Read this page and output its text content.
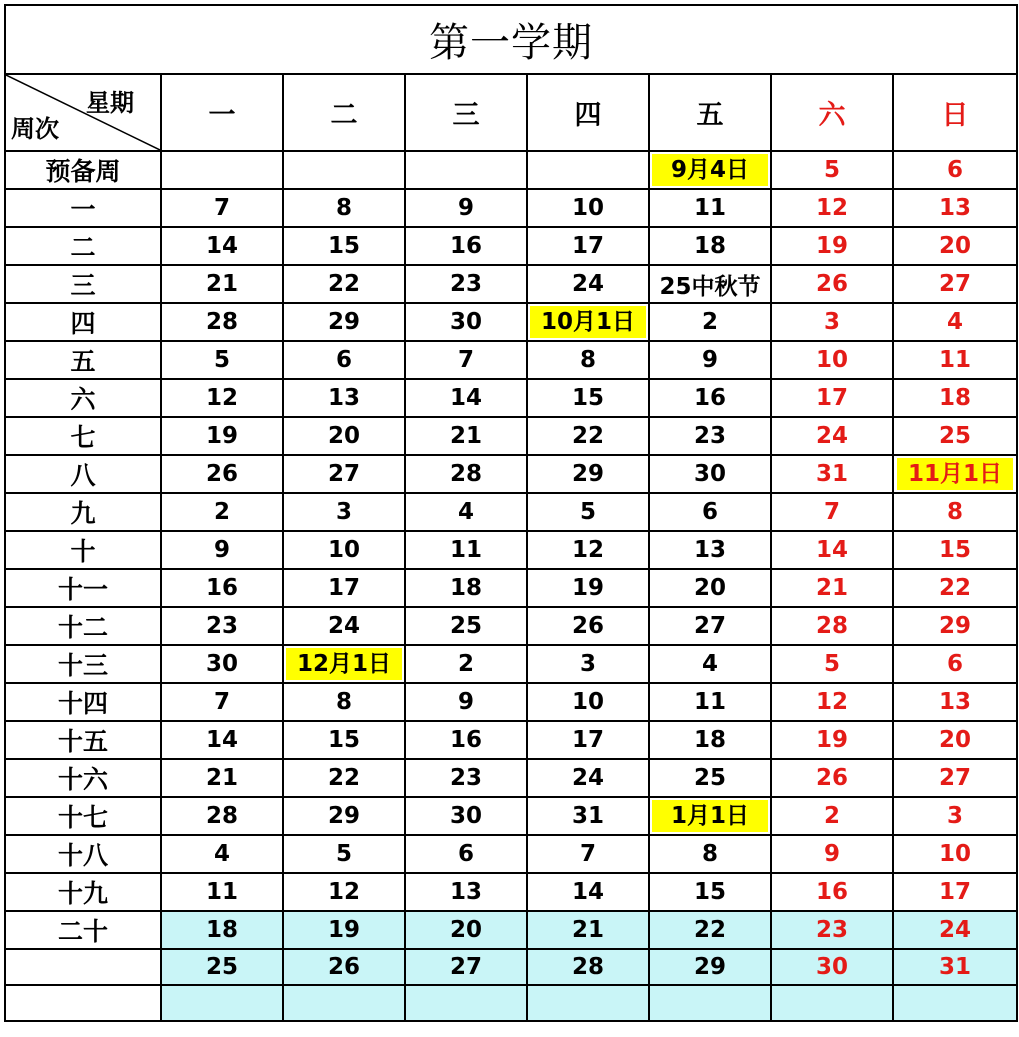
第一学期							

星期
周次	一	二	三	四	五	六	日
预备周					9月4日	5	6
一	7	8	9	10	11	12	13
二	14	15	16	17	18	19	20
三	21	22	23	24	25中秋节	26	27
四	28	29	30	10月1日	2	3	4
五	5	6	7	8	9	10	11
六	12	13	14	15	16	17	18
七	19	20	21	22	23	24	25
八	26	27	28	29	30	31	11月1日
九	2	3	4	5	6	7	8
十	9	10	11	12	13	14	15
十一	16	17	18	19	20	21	22
十二	23	24	25	26	27	28	29
十三	30	12月1日	2	3	4	5	6
十四	7	8	9	10	11	12	13
十五	14	15	16	17	18	19	20
十六	21	22	23	24	25	26	27
十七	28	29	30	31	1月1日	2	3
十八	4	5	6	7	8	9	10
十九	11	12	13	14	15	16	17
二十	18	19	20	21	22	23	24
	25	26	27	28	29	30	31
